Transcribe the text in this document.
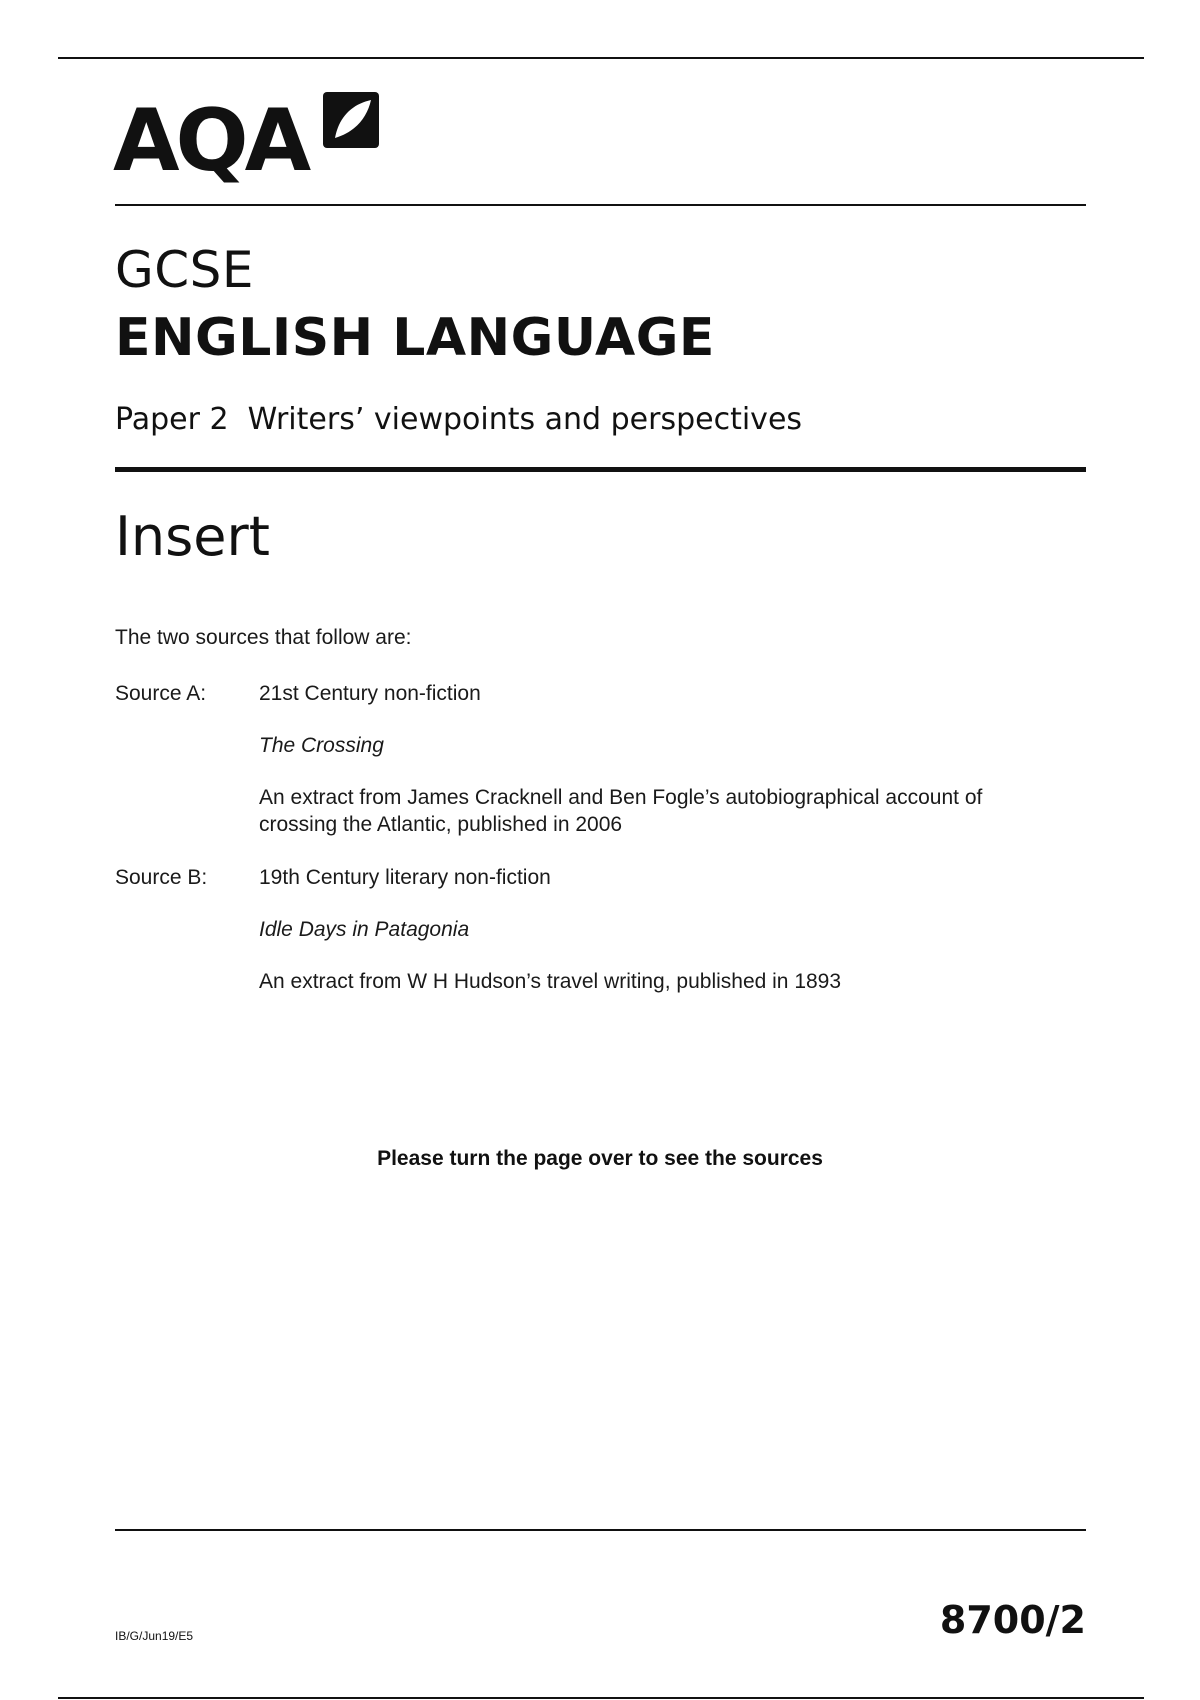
AQA
GCSE
ENGLISH LANGUAGE
Paper 2  Writers’ viewpoints and perspectives
Insert
The two sources that follow are:
Source A:	21st Century non-fiction
The Crossing
An extract from James Cracknell and Ben Fogle’s autobiographical account of crossing the Atlantic, published in 2006
Source B: 19th Century literary non-fiction
Idle Days in Patagonia
An extract from W H Hudson’s travel writing, published in 1893
Please turn the page over to see the sources
IB/G/Jun19/E5	8700/2
